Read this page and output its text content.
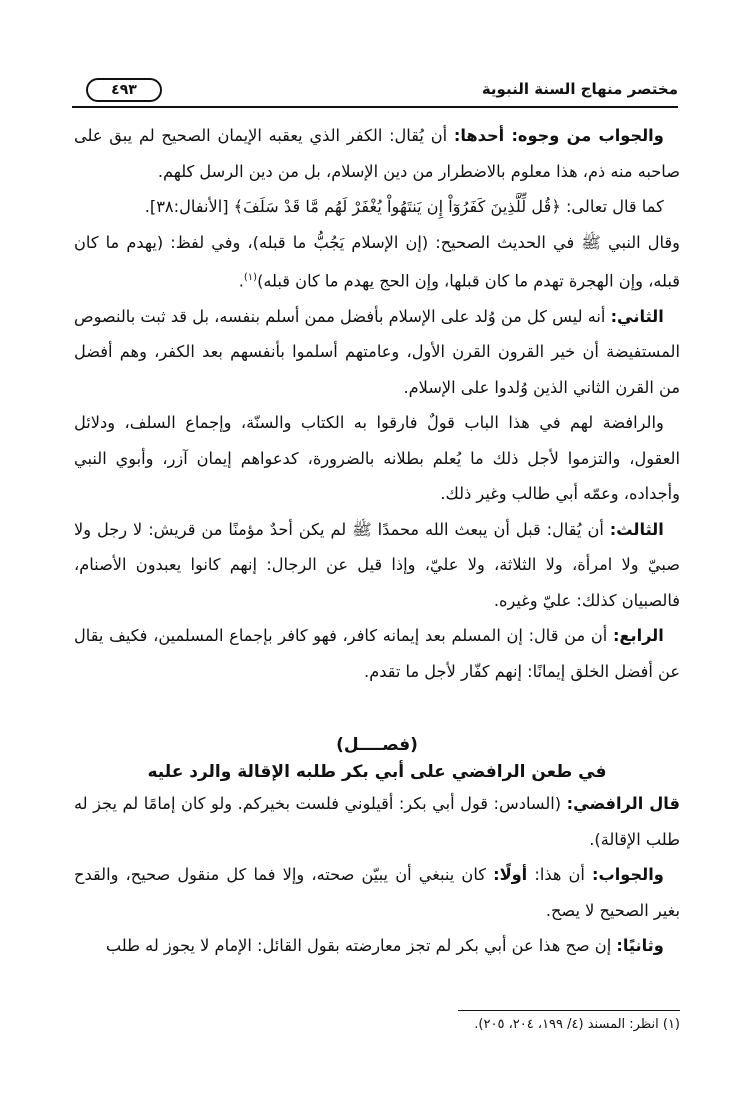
مختصر منهاج السنة النبوية
٤٩٣

  والجواب من وجوه: أحدها: أن يُقال: الكفر الذي يعقبه الإيمان الصحيح لم يبق على صاحبه منه ذم، هذا معلوم بالاضطرار من دين الإسلام، بل من دين الرسل كلهم.

  كما قال تعالى: ﴿قُل لِّلَّذِينَ كَفَرُوٓاْ إِن يَنتَهُواْ يُغْفَرْ لَهُم مَّا قَدْ سَلَفَ﴾ [الأنفال:٣٨].

وقال النبي ﷺ في الحديث الصحيح: (إن الإسلام يَجُبُّ ما قبله)، وفي لفظ: (يهدم ما كان قبله، وإن الهجرة تهدم ما كان قبلها، وإن الحج يهدم ما كان قبله)$^{(١)}$.

  الثاني: أنه ليس كل من وُلد على الإسلام بأفضل ممن أسلم بنفسه، بل قد ثبت بالنصوص المستفيضة أن خير القرون القرن الأول، وعامتهم أسلموا بأنفسهم بعد الكفر، وهم أفضل من القرن الثاني الذين وُلدوا على الإسلام.

  والرافضة لهم في هذا الباب قولٌ فارقوا به الكتاب والسنّة، وإجماع السلف، ودلائل العقول، والتزموا لأجل ذلك ما يُعلم بطلانه بالضرورة، كدعواهم إيمان آزر، وأبوي النبي وأجداده، وعمّه أبي طالب وغير ذلك.

  الثالث: أن يُقال: قبل أن يبعث الله محمدًا ﷺ لم يكن أحدٌ مؤمنًا من قريش: لا رجل ولا صبيّ ولا امرأة، ولا الثلاثة، ولا عليّ، وإذا قيل عن الرجال: إنهم كانوا يعبدون الأصنام، فالصبيان كذلك: عليّ وغيره.

  الرابع: أن من قال: إن المسلم بعد إيمانه كافر، فهو كافر بإجماع المسلمين، فكيف يقال عن أفضل الخلق إيمانًا: إنهم كفّار لأجل ما تقدم.

(فصــــل)
في طعن الرافضي على أبي بكر طلبه الإقالة والرد عليه

قال الرافضي: (السادس: قول أبي بكر: أقيلوني فلست بخيركم. ولو كان إمامًا لم يجز له طلب الإقالة).

  والجواب: أن هذا: أولًا: كان ينبغي أن يبيّن صحته، وإلا فما كل منقول صحيح، والقدح بغير الصحيح لا يصح.

  وثانيًا: إن صح هذا عن أبي بكر لم تجز معارضته بقول القائل: الإمام لا يجوز له طلب

(١) انظر: المسند (٤/ ١٩٩، ٢٠٤، ٢٠٥).
